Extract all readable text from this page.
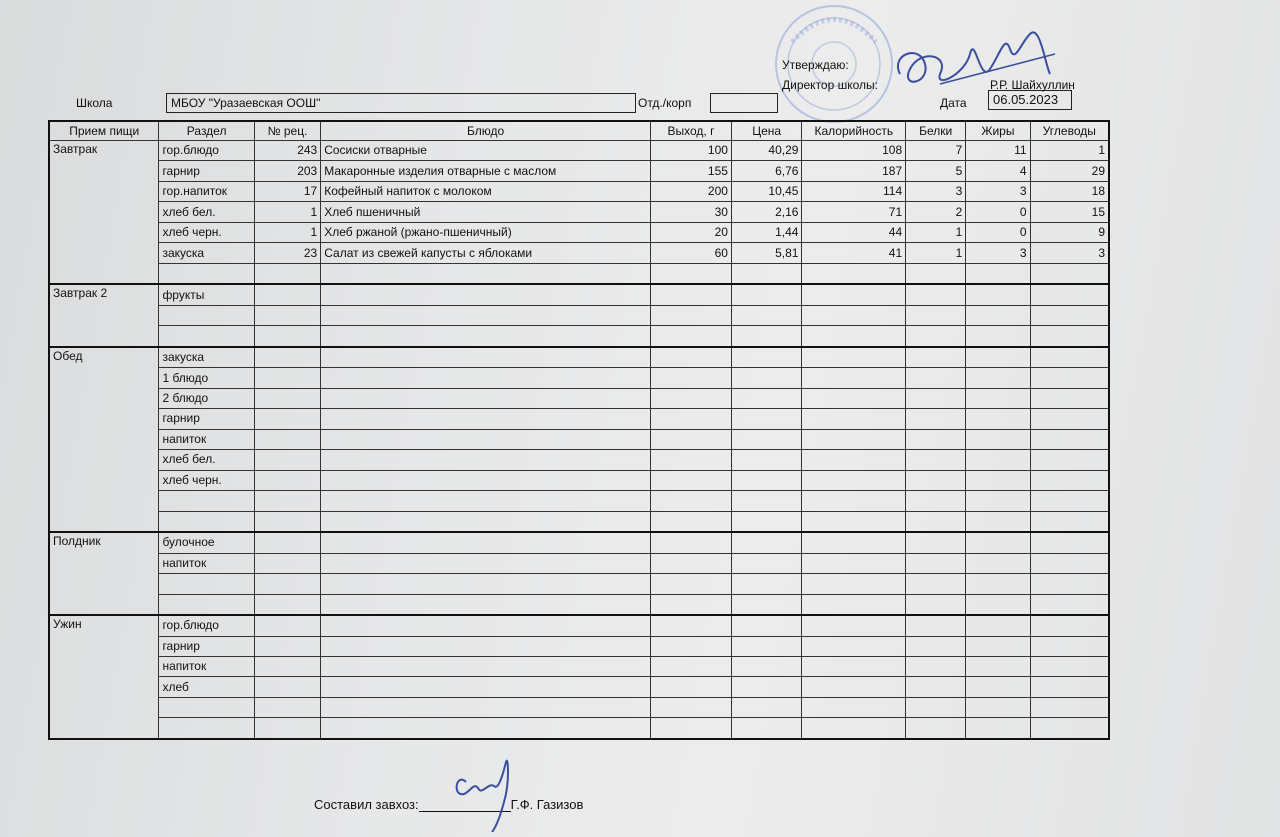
Утверждаю:
Директор школы:	Р.Р. Шайхуллин
Школа	МБОУ "Уразаевская ООШ"	Отд./корп	Дата	06.05.2023
Прием пищи	Раздел	№ рец.	Блюдо	Выход, г	Цена	Калорийность	Белки	Жиры	Углеводы
Завтрак	гор.блюдо	243	Сосиски отварные	100	40,29	108	7	11	1
	гарнир	203	Макаронные изделия отварные с маслом	155	6,76	187	5	4	29
	гор.напиток	17	Кофейный напиток с молоком	200	10,45	114	3	3	18
	хлеб бел.	1	Хлеб пшеничный	30	2,16	71	2	0	15
	хлеб черн.	1	Хлеб ржаной (ржано-пшеничный)	20	1,44	44	1	0	9
	закуска	23	Салат из свежей капусты с яблоками	60	5,81	41	1	3	3

Завтрак 2	фрукты								

Обед	закуска								
	1 блюдо								
	2 блюдо								
	гарнир								
	напиток								
	хлеб бел.								
	хлеб черн.								

Полдник	булочное								
	напиток								

Ужин	гор.блюдо								
	гарнир								
	напиток								
	хлеб								

Составил завхоз:	Г.Ф. Газизов
